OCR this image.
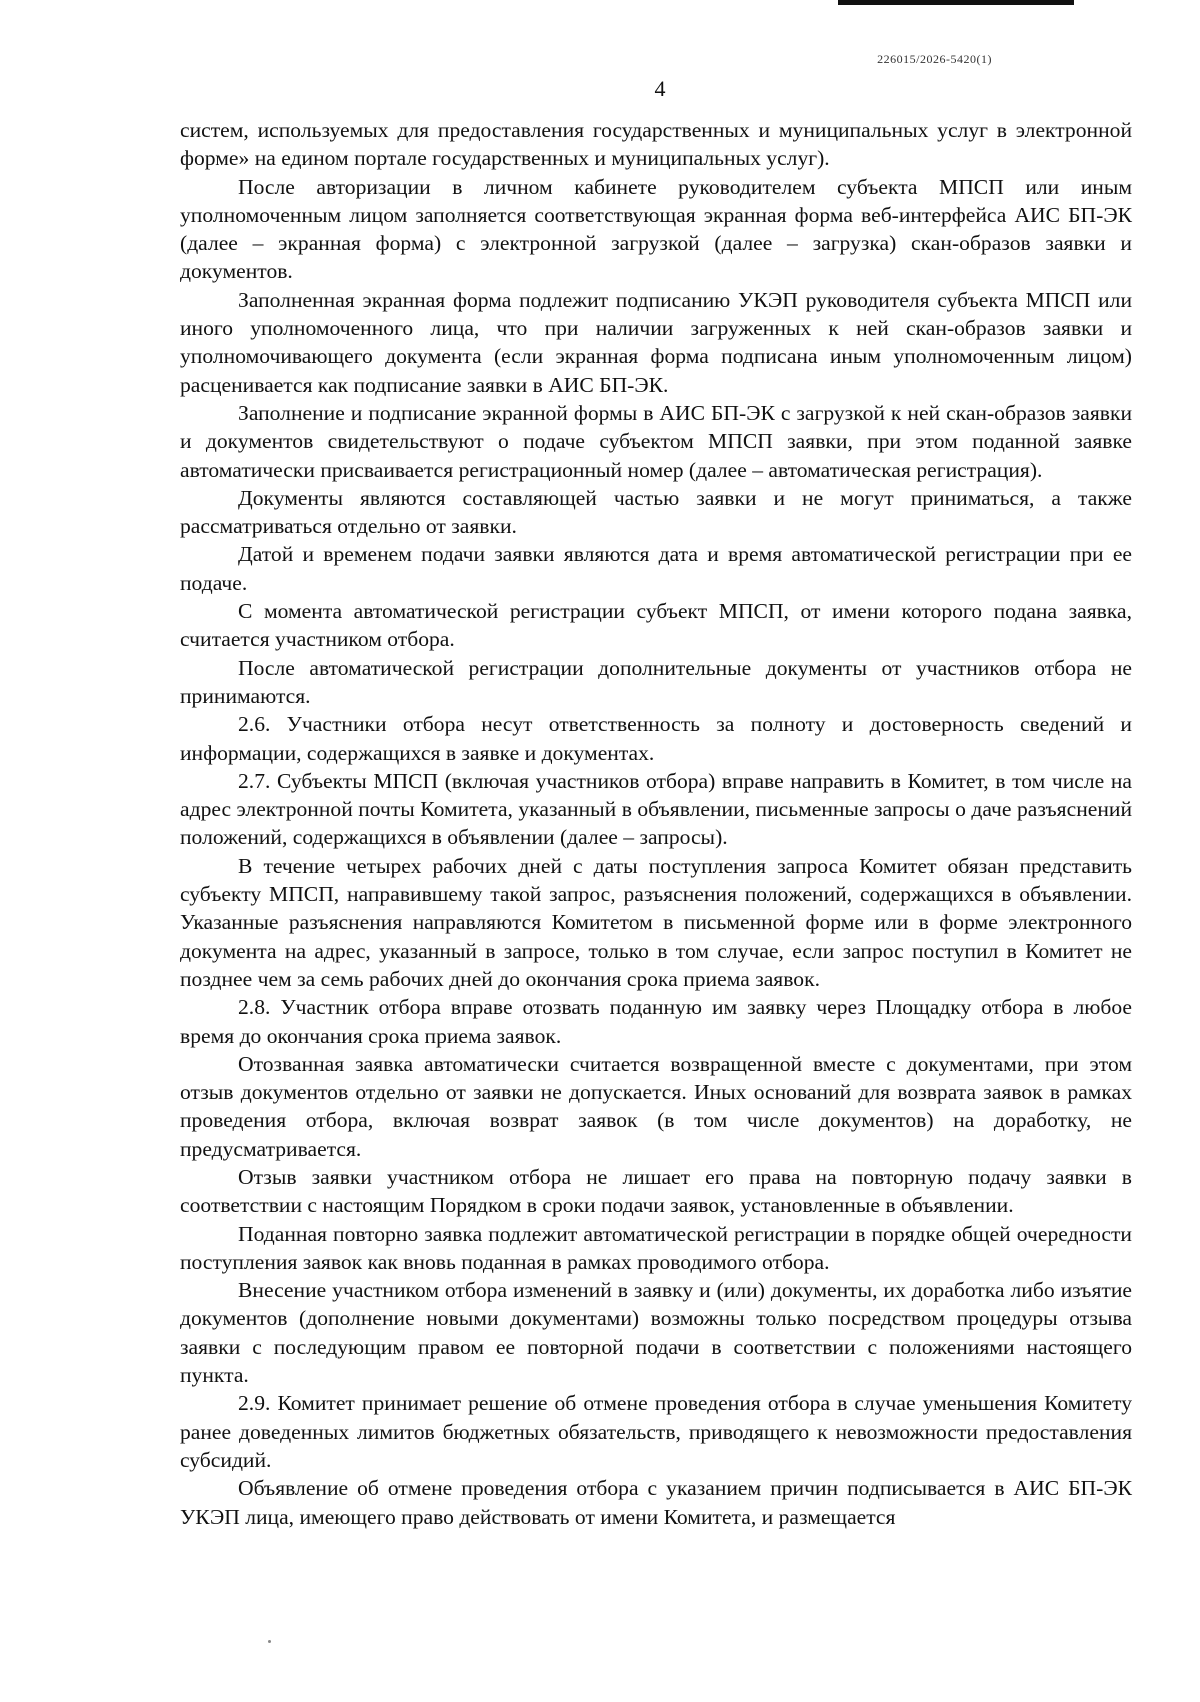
226015/2026-5420(1)
4

систем, используемых для предоставления государственных и муниципальных услуг в электронной форме» на едином портале государственных и муниципальных услуг).

После авторизации в личном кабинете руководителем субъекта МПСП или иным уполномоченным лицом заполняется соответствующая экранная форма веб-интерфейса АИС БП-ЭК (далее – экранная форма) с электронной загрузкой (далее – загрузка) скан-образов заявки и документов.

Заполненная экранная форма подлежит подписанию УКЭП руководителя субъекта МПСП или иного уполномоченного лица, что при наличии загруженных к ней скан-образов заявки и уполномочивающего документа (если экранная форма подписана иным уполномоченным лицом) расценивается как подписание заявки в АИС БП-ЭК.

Заполнение и подписание экранной формы в АИС БП-ЭК с загрузкой к ней скан-образов заявки и документов свидетельствуют о подаче субъектом МПСП заявки, при этом поданной заявке автоматически присваивается регистрационный номер (далее – автоматическая регистрация).

Документы являются составляющей частью заявки и не могут приниматься, а также рассматриваться отдельно от заявки.

Датой и временем подачи заявки являются дата и время автоматической регистрации при ее подаче.

С момента автоматической регистрации субъект МПСП, от имени которого подана заявка, считается участником отбора.

После автоматической регистрации дополнительные документы от участников отбора не принимаются.

2.6. Участники отбора несут ответственность за полноту и достоверность сведений и информации, содержащихся в заявке и документах.

2.7. Субъекты МПСП (включая участников отбора) вправе направить в Комитет, в том числе на адрес электронной почты Комитета, указанный в объявлении, письменные запросы о даче разъяснений положений, содержащихся в объявлении (далее – запросы).

В течение четырех рабочих дней с даты поступления запроса Комитет обязан представить субъекту МПСП, направившему такой запрос, разъяснения положений, содержащихся в объявлении. Указанные разъяснения направляются Комитетом в письменной форме или в форме электронного документа на адрес, указанный в запросе, только в том случае, если запрос поступил в Комитет не позднее чем за семь рабочих дней до окончания срока приема заявок.

2.8. Участник отбора вправе отозвать поданную им заявку через Площадку отбора в любое время до окончания срока приема заявок.

Отозванная заявка автоматически считается возвращенной вместе с документами, при этом отзыв документов отдельно от заявки не допускается. Иных оснований для возврата заявок в рамках проведения отбора, включая возврат заявок (в том числе документов) на доработку, не предусматривается.

Отзыв заявки участником отбора не лишает его права на повторную подачу заявки в соответствии с настоящим Порядком в сроки подачи заявок, установленные в объявлении.

Поданная повторно заявка подлежит автоматической регистрации в порядке общей очередности поступления заявок как вновь поданная в рамках проводимого отбора.

Внесение участником отбора изменений в заявку и (или) документы, их доработка либо изъятие документов (дополнение новыми документами) возможны только посредством процедуры отзыва заявки с последующим правом ее повторной подачи в соответствии с положениями настоящего пункта.

2.9. Комитет принимает решение об отмене проведения отбора в случае уменьшения Комитету ранее доведенных лимитов бюджетных обязательств, приводящего к невозможности предоставления субсидий.

Объявление об отмене проведения отбора с указанием причин подписывается в АИС БП-ЭК УКЭП лица, имеющего право действовать от имени Комитета, и размещается
